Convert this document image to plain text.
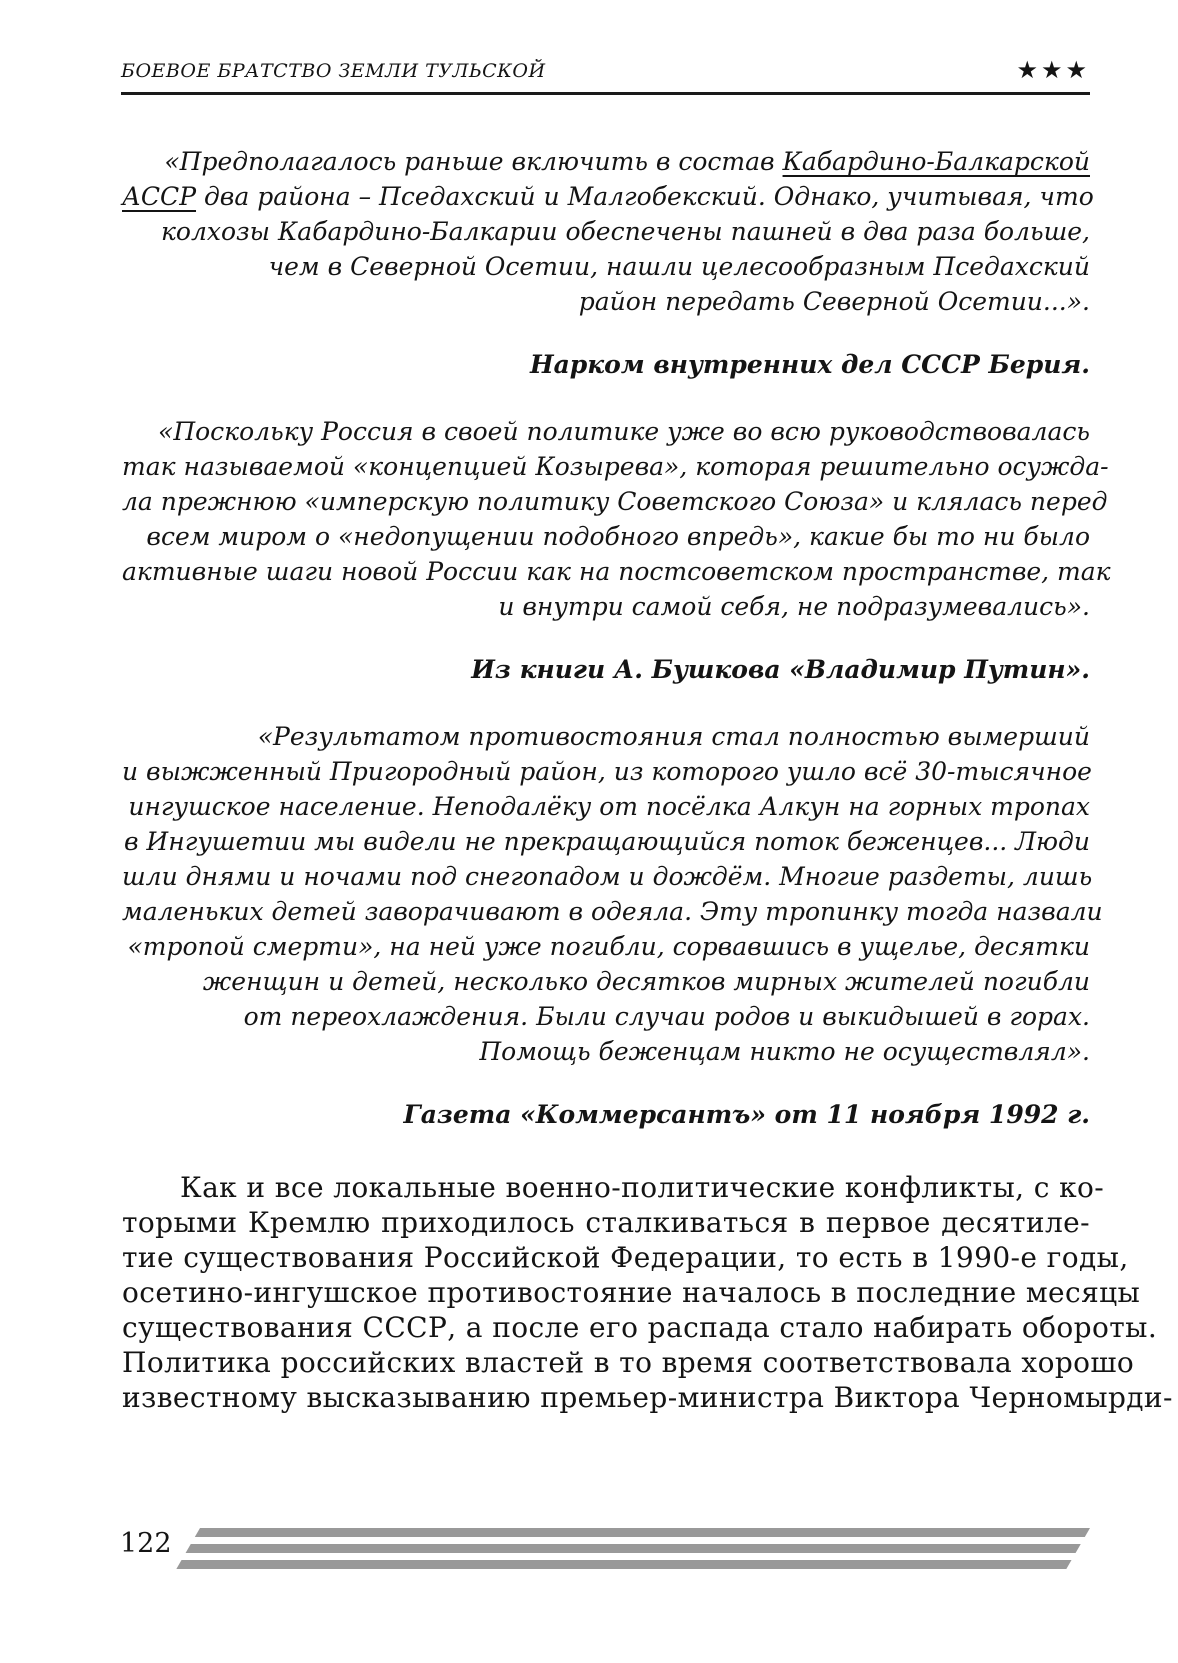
БОЕВОЕ БРАТСТВО ЗЕМЛИ ТУЛЬСКОЙ	★★★
«Предполагалось раньше включить в состав Кабардино-Балкарской
АССР два района – Пседахский и Малгобекский. Однако, учитывая, что
колхозы Кабардино-Балкарии обеспечены пашней в два раза больше,
чем в Северной Осетии, нашли целесообразным Пседахский
район передать Северной Осетии...».
Нарком внутренних дел СССР Берия.
«Поскольку Россия в своей политике уже во всю руководствовалась
так называемой «концепцией Козырева», которая решительно осужда-
ла прежнюю «имперскую политику Советского Союза» и клялась перед
всем миром о «недопущении подобного впредь», какие бы то ни было
активные шаги новой России как на постсоветском пространстве, так
и внутри самой себя, не подразумевались».
Из книги А. Бушкова «Владимир Путин».
«Результатом противостояния стал полностью вымерший
и выжженный Пригородный район, из которого ушло всё 30-тысячное
ингушское население. Неподалёку от посёлка Алкун на горных тропах
в Ингушетии мы видели не прекращающийся поток беженцев... Люди
шли днями и ночами под снегопадом и дождём. Многие раздеты, лишь
маленьких детей заворачивают в одеяла. Эту тропинку тогда назвали
«тропой смерти», на ней уже погибли, сорвавшись в ущелье, десятки
женщин и детей, несколько десятков мирных жителей погибли
от переохлаждения. Были случаи родов и выкидышей в горах.
Помощь беженцам никто не осуществлял».
Газета «Коммерсантъ» от 11 ноября 1992 г.
Как и все локальные военно-политические конфликты, с ко-
торыми Кремлю приходилось сталкиваться в первое десятиле-
тие существования Российской Федерации, то есть в 1990-е годы,
осетино-ингушское противостояние началось в последние месяцы
существования СССР, а после его распада стало набирать обороты.
Политика российских властей в то время соответствовала хорошо
известному высказыванию премьер-министра Виктора Черномырди-
122
